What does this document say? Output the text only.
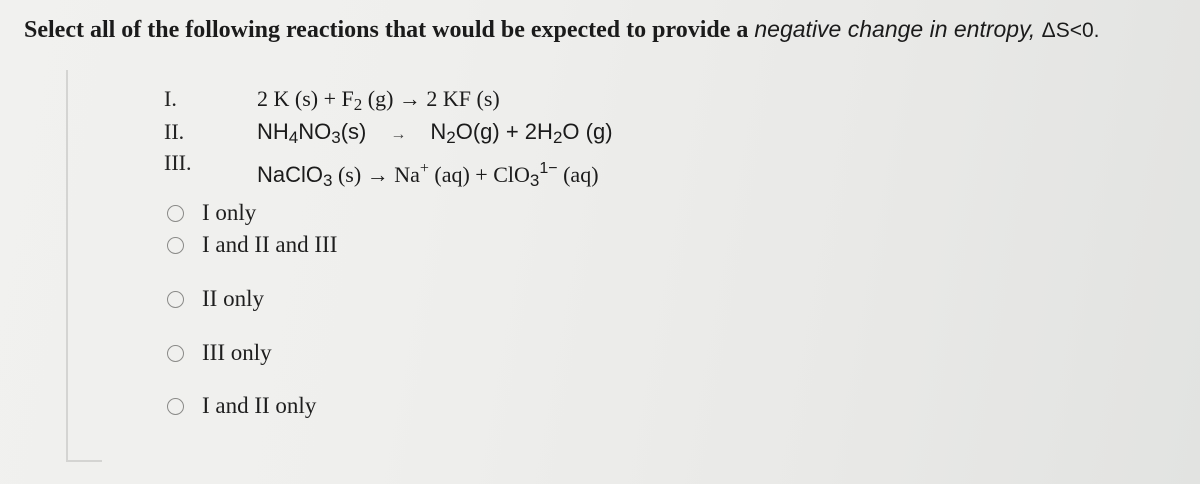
Select all of the following reactions that would be expected to provide a negative change in entropy, ΔS<0.
I.	2 K $(s) + F_2$ (g) → 2 KF (s)
II.	$NH_4NO_3(s) \to N_2O(g) + 2H_2O$ (g)
III.	NaClO$_3$ (s) → Na+ (aq) + ClO$_3^{1-}$ (aq)
I only
I and II and III
II only
III only
I and II only
